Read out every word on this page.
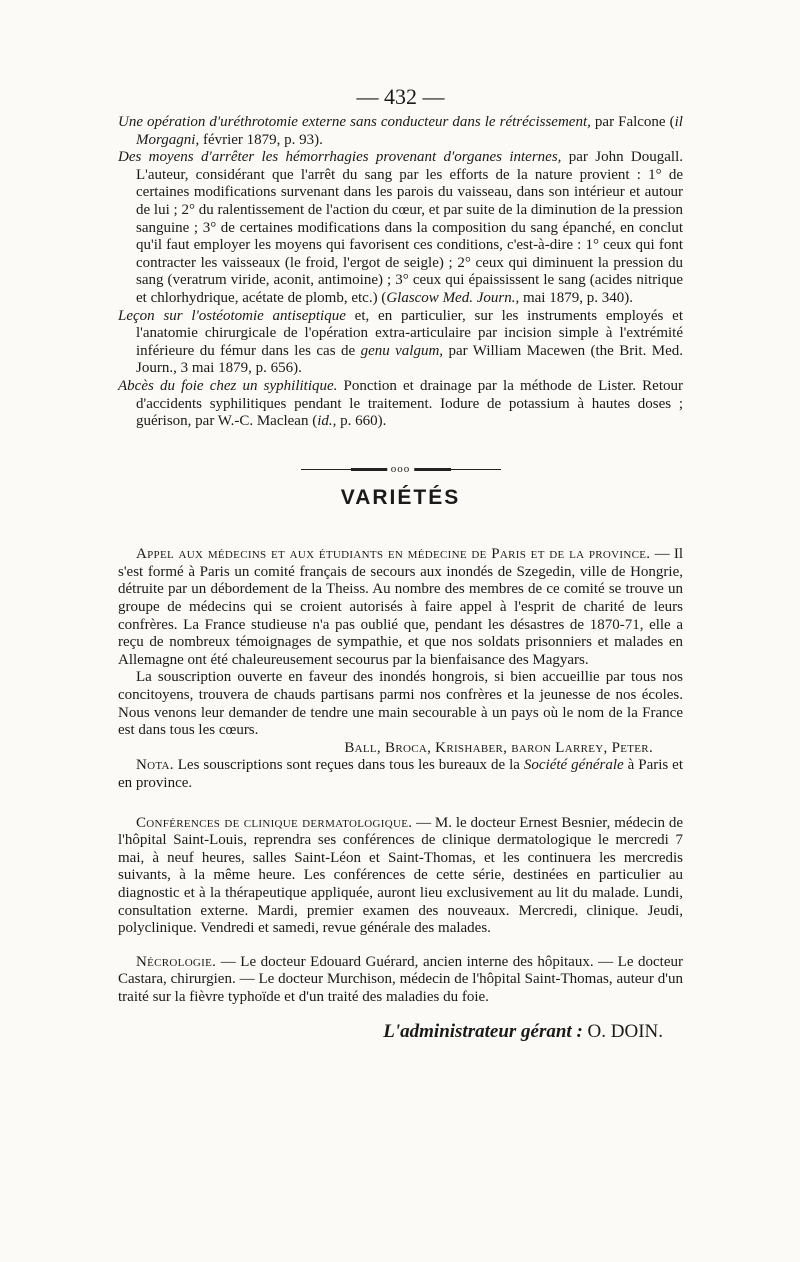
— 432 —

Une opération d'uréthrotomie externe sans conducteur dans le rétrécissement, par Falcone (il Morgagni, février 1879, p. 93).

Des moyens d'arrêter les hémorrhagies provenant d'organes internes, par John Dougall. L'auteur, considérant que l'arrêt du sang par les efforts de la nature provient : 1° de certaines modifications survenant dans les parois du vaisseau, dans son intérieur et autour de lui ; 2° du ralentissement de l'action du cœur, et par suite de la diminution de la pression sanguine ; 3° de certaines modifications dans la composition du sang épanché, en conclut qu'il faut employer les moyens qui favorisent ces conditions, c'est-à-dire : 1° ceux qui font contracter les vaisseaux (le froid, l'ergot de seigle) ; 2° ceux qui diminuent la pression du sang (veratrum viride, aconit, antimoine) ; 3° ceux qui épaississent le sang (acides nitrique et chlorhydrique, acétate de plomb, etc.) (Glascow Med. Journ., mai 1879, p. 340).

Leçon sur l'ostéotomie antiseptique et, en particulier, sur les instruments employés et l'anatomie chirurgicale de l'opération extra-articulaire par incision simple à l'extrémité inférieure du fémur dans les cas de genu valgum, par William Macewen (the Brit. Med. Journ., 3 mai 1879, p. 656).

Abcès du foie chez un syphilitique. Ponction et drainage par la méthode de Lister. Retour d'accidents syphilitiques pendant le traitement. Iodure de potassium à hautes doses ; guérison, par W.-C. Maclean (id., p. 660).

ooo
VARIÉTÉS

Appel aux médecins et aux étudiants en médecine de Paris et de la province. — Il s'est formé à Paris un comité français de secours aux inondés de Szegedin, ville de Hongrie, détruite par un débordement de la Theiss. Au nombre des membres de ce comité se trouve un groupe de médecins qui se croient autorisés à faire appel à l'esprit de charité de leurs confrères. La France studieuse n'a pas oublié que, pendant les désastres de 1870-71, elle a reçu de nombreux témoignages de sympathie, et que nos soldats prisonniers et malades en Allemagne ont été chaleureusement secourus par la bienfaisance des Magyars.

La souscription ouverte en faveur des inondés hongrois, si bien accueillie par tous nos concitoyens, trouvera de chauds partisans parmi nos confrères et la jeunesse de nos écoles. Nous venons leur demander de tendre une main secourable à un pays où le nom de la France est dans tous les cœurs.

Ball, Broca, Krishaber, baron Larrey, Peter.

Nota. Les souscriptions sont reçues dans tous les bureaux de la Société générale à Paris et en province.

Conférences de clinique dermatologique. — M. le docteur Ernest Besnier, médecin de l'hôpital Saint-Louis, reprendra ses conférences de clinique dermatologique le mercredi 7 mai, à neuf heures, salles Saint-Léon et Saint-Thomas, et les continuera les mercredis suivants, à la même heure. Les conférences de cette série, destinées en particulier au diagnostic et à la thérapeutique appliquée, auront lieu exclusivement au lit du malade. Lundi, consultation externe. Mardi, premier examen des nouveaux. Mercredi, clinique. Jeudi, polyclinique. Vendredi et samedi, revue générale des malades.

Nécrologie. — Le docteur Edouard Guérard, ancien interne des hôpitaux. — Le docteur Castara, chirurgien. — Le docteur Murchison, médecin de l'hôpital Saint-Thomas, auteur d'un traité sur la fièvre typhoïde et d'un traité des maladies du foie.

L'administrateur gérant : O. DOIN.
